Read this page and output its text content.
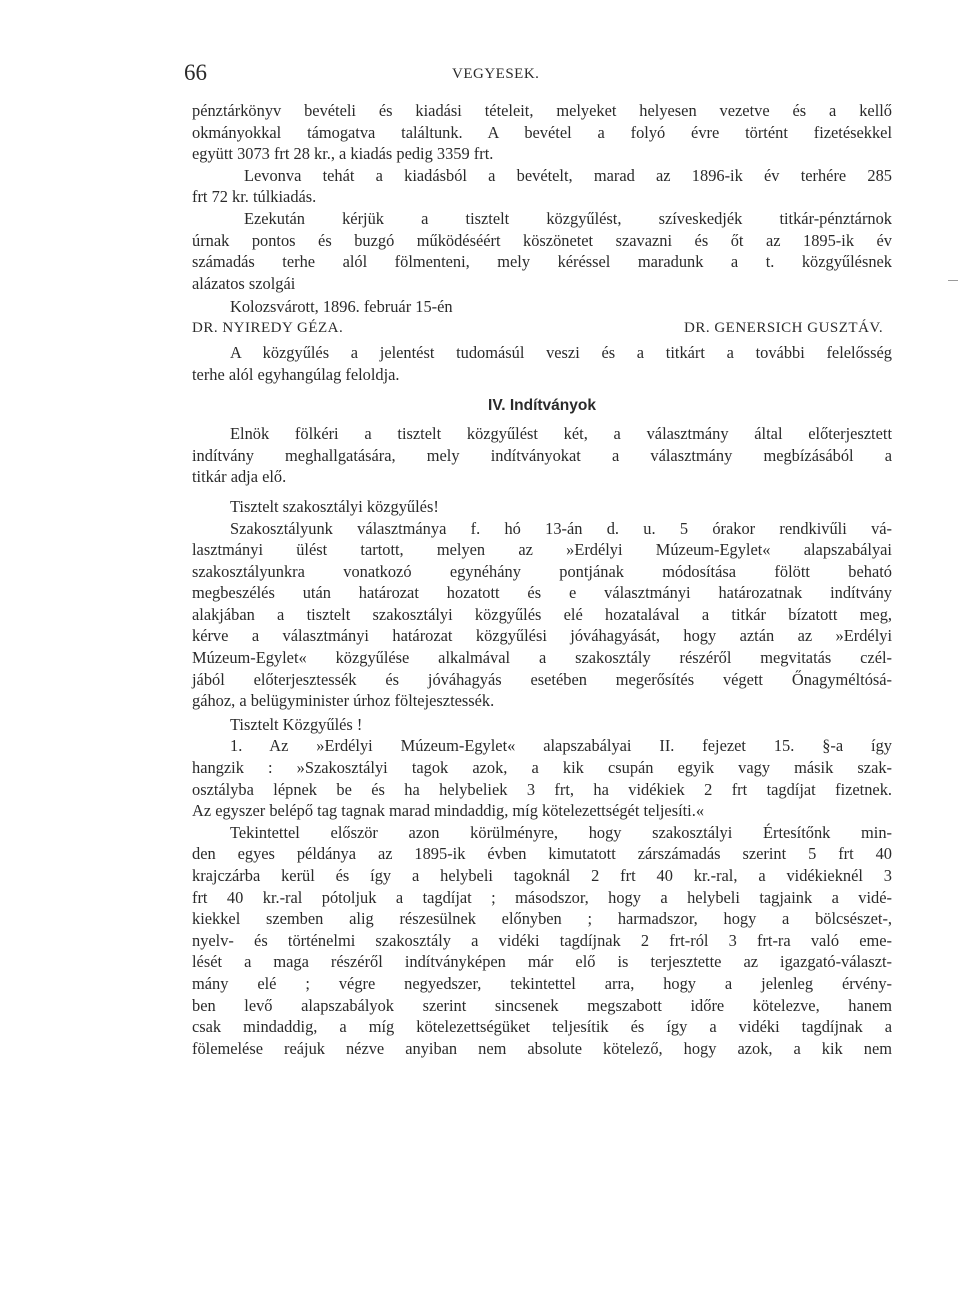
66	VEGYESEK.
pénztárkönyv bevételi és kiadási tételeit, melyeket helyesen vezetve és a kellő
okmányokkal támogatva találtunk. A bevétel a folyó évre történt fizetésekkel
együtt 3073 frt 28 kr., a kiadás pedig 3359 frt.
Levonva tehát a kiadásból a bevételt, marad az 1896-ik év terhére 285
frt 72 kr. túlkiadás.
Ezekután kérjük a tisztelt közgyűlést, szíveskedjék titkár-pénztárnok
úrnak pontos és buzgó működéséért köszönetet szavazni és őt az 1895-ik év
számadás terhe alól fölmenteni, mely kéréssel maradunk a t. közgyűlésnek
alázatos szolgái
Kolozsvárott, 1896. február 15-én
DR. NYIREDY GÉZA.	DR. GENERSICH GUSZTÁV.
A közgyűlés a jelentést tudomásúl veszi és a titkárt a további felelősség
terhe alól egyhangúlag feloldja.
IV. Indítványok
Elnök fölkéri a tisztelt közgyűlést két, a választmány által előterjesztett
indítvány meghallgatására, mely indítványokat a választmány megbízásából a
titkár adja elő.
Tisztelt szakosztályi közgyűlés!
Szakosztályunk választmánya f. hó 13-án d. u. 5 órakor rendkivűli vá-
lasztmányi ülést tartott, melyen az »Erdélyi Múzeum-Egylet« alapszabályai
szakosztályunkra vonatkozó egynéhány pontjának módosítása fölött beható
megbeszélés után határozat hozatott és e választmányi határozatnak indítvány
alakjában a tisztelt szakosztályi közgyűlés elé hozatalával a titkár bízatott meg,
kérve a választmányi határozat közgyűlési jóváhagyását, hogy aztán az »Erdélyi
Múzeum-Egylet« közgyűlése alkalmával a szakosztály részéről megvitatás czél-
jából előterjesztessék és jóváhagyás esetében megerősítés végett Őnagyméltósá-
gához, a belügyminister úrhoz föltejesztessék.
Tisztelt Közgyűlés !
1. Az »Erdélyi Múzeum-Egylet« alapszabályai II. fejezet 15. §-a így
hangzik : »Szakosztályi tagok azok, a kik csupán egyik vagy másik szak-
osztályba lépnek be és ha helybeliek 3 frt, ha vidékiek 2 frt tagdíjat fizetnek.
Az egyszer belépő tag tagnak marad mindaddig, míg kötelezettségét teljesíti.«
Tekintettel először azon körülményre, hogy szakosztályi Értesítőnk min-
den egyes példánya az 1895-ik évben kimutatott zárszámadás szerint 5 frt 40
krajczárba kerül és így a helybeli tagoknál 2 frt 40 kr.-ral, a vidékieknél 3
frt 40 kr.-ral pótoljuk a tagdíjat ; másodszor, hogy a helybeli tagjaink a vidé-
kiekkel szemben alig részesülnek előnyben ; harmadszor, hogy a bölcsészet-,
nyelv- és történelmi szakosztály a vidéki tagdíjnak 2 frt-ról 3 frt-ra való eme-
lését a maga részéről indítványképen már elő is terjesztette az igazgató-választ-
mány elé ; végre negyedszer, tekintettel arra, hogy a jelenleg érvény-
ben levő alapszabályok szerint sincsenek megszabott időre kötelezve, hanem
csak mindaddig, a míg kötelezettségüket teljesítik és így a vidéki tagdíjnak a
fölemelése reájuk nézve anyiban nem absolute kötelező, hogy azok, a kik nem
